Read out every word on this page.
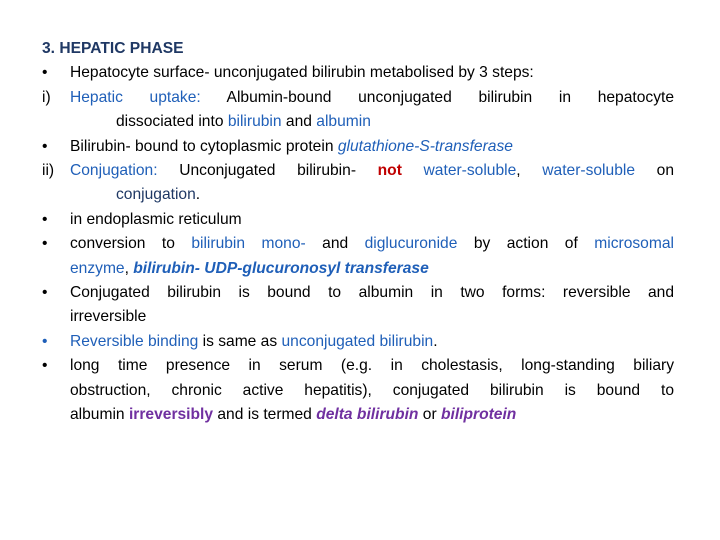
3. HEPATIC PHASE
• Hepatocyte surface- unconjugated bilirubin metabolised by 3 steps:
i) Hepatic uptake: Albumin-bound unconjugated bilirubin in hepatocyte
dissociated into bilirubin and albumin
• Bilirubin- bound to cytoplasmic protein glutathione-S-transferase
ii) Conjugation: Unconjugated bilirubin- not water-soluble, water-soluble on
conjugation.
• in endoplasmic reticulum
• conversion to bilirubin mono- and diglucuronide by action of microsomal
enzyme, bilirubin- UDP-glucuronosyl transferase
• Conjugated bilirubin is bound to albumin in two forms: reversible and
irreversible
• Reversible binding is same as unconjugated bilirubin.
• long time presence in serum (e.g. in cholestasis, long-standing biliary
obstruction, chronic active hepatitis), conjugated bilirubin is bound to
albumin irreversibly and is termed delta bilirubin or biliprotein
